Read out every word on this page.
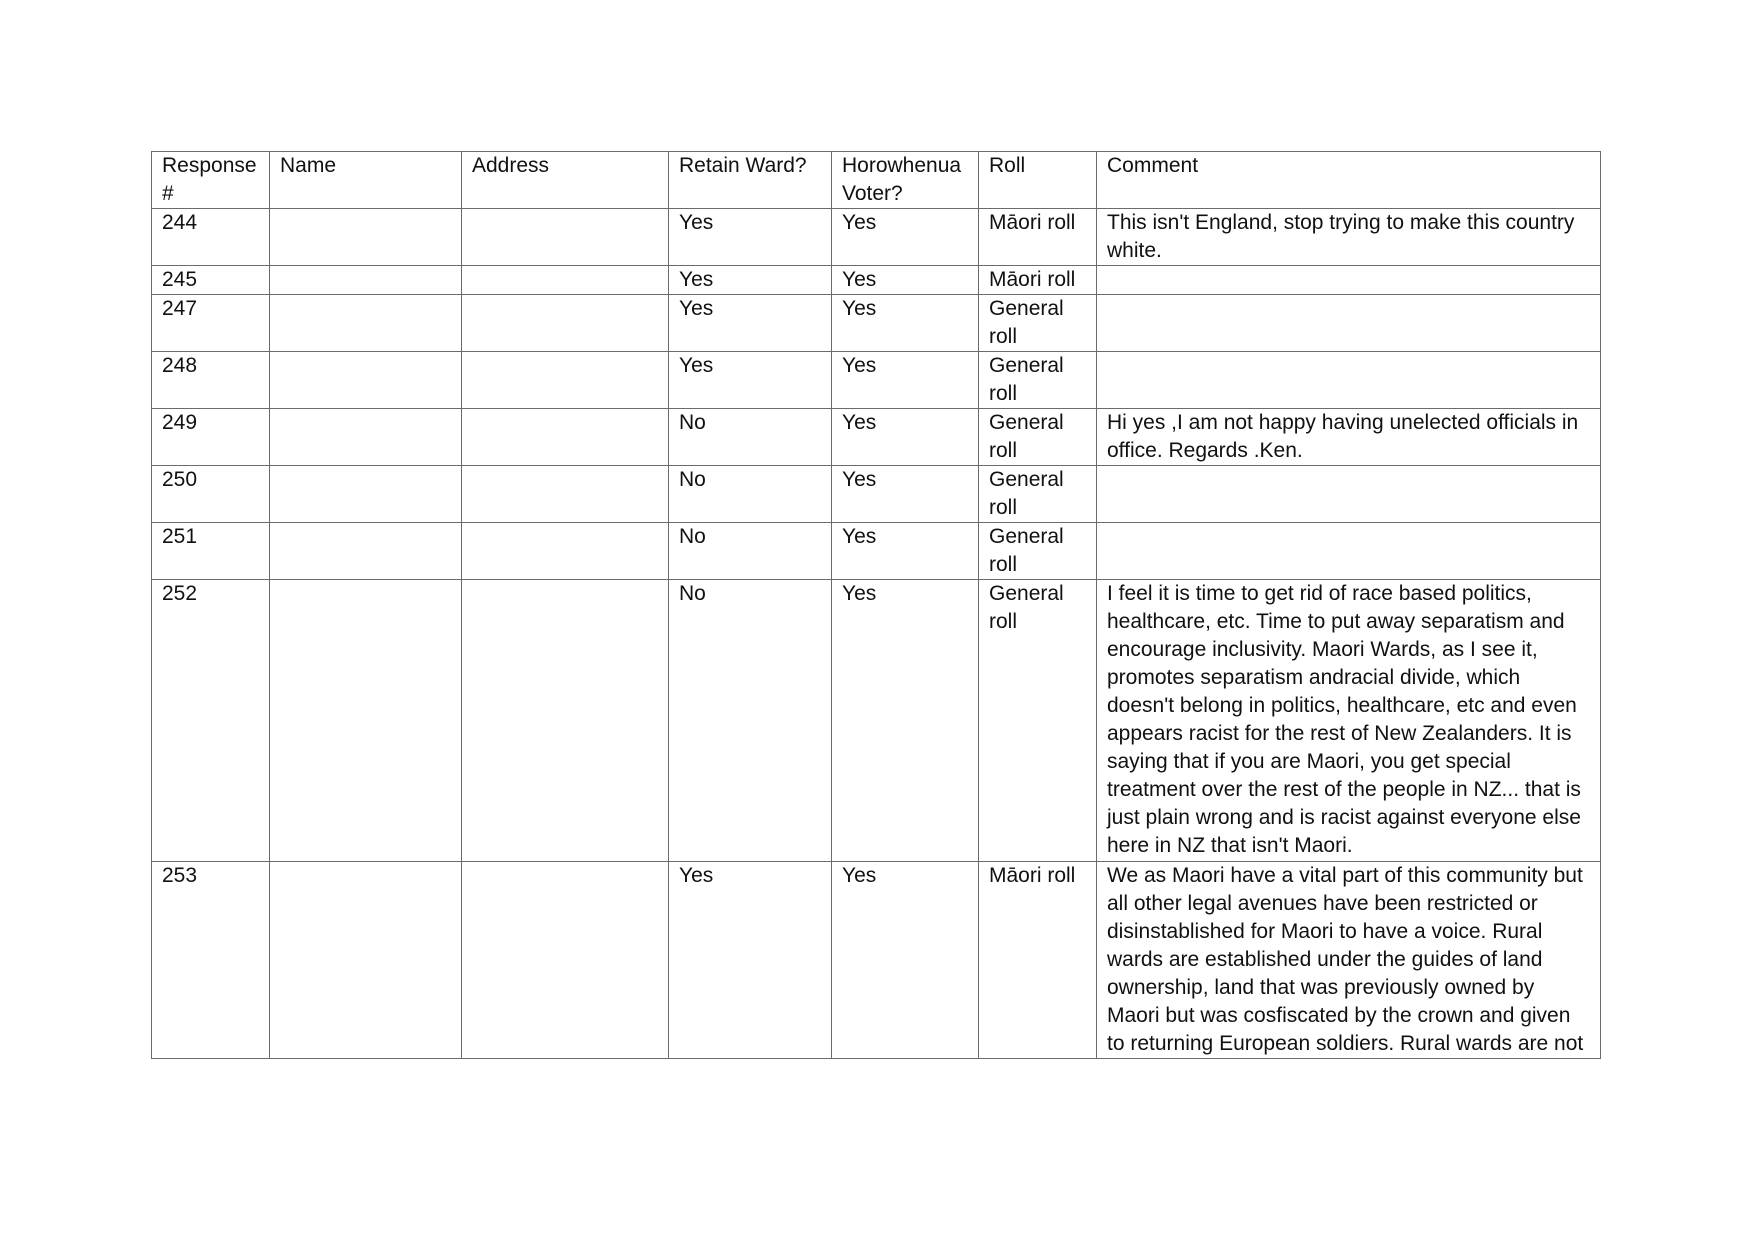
Response #	Name	Address	Retain Ward?	Horowhenua Voter?	Roll	Comment
244			Yes	Yes	Māori roll	This isn't England, stop trying to make this country white.
245			Yes	Yes	Māori roll	
247			Yes	Yes	General roll	
248			Yes	Yes	General roll	
249			No	Yes	General roll	Hi yes ,I am not happy having unelected officials in office. Regards .Ken.
250			No	Yes	General roll	
251			No	Yes	General roll	
252			No	Yes	General roll	I feel it is time to get rid of race based politics, healthcare, etc. Time to put away separatism and encourage inclusivity. Maori Wards, as I see it, promotes separatism andracial divide, which doesn't belong in politics, healthcare, etc and even appears racist for the rest of New Zealanders. It is saying that if you are Maori, you get special treatment over the rest of the people in NZ... that is just plain wrong and is racist against everyone else here in NZ that isn't Maori.
253			Yes	Yes	Māori roll	We as Maori have a vital part of this community but all other legal avenues have been restricted or disinstablished for Maori to have a voice. Rural wards are established under the guides of land ownership, land that was previously owned by Maori but was cosfiscated by the crown and given to returning European soldiers. Rural wards are not
